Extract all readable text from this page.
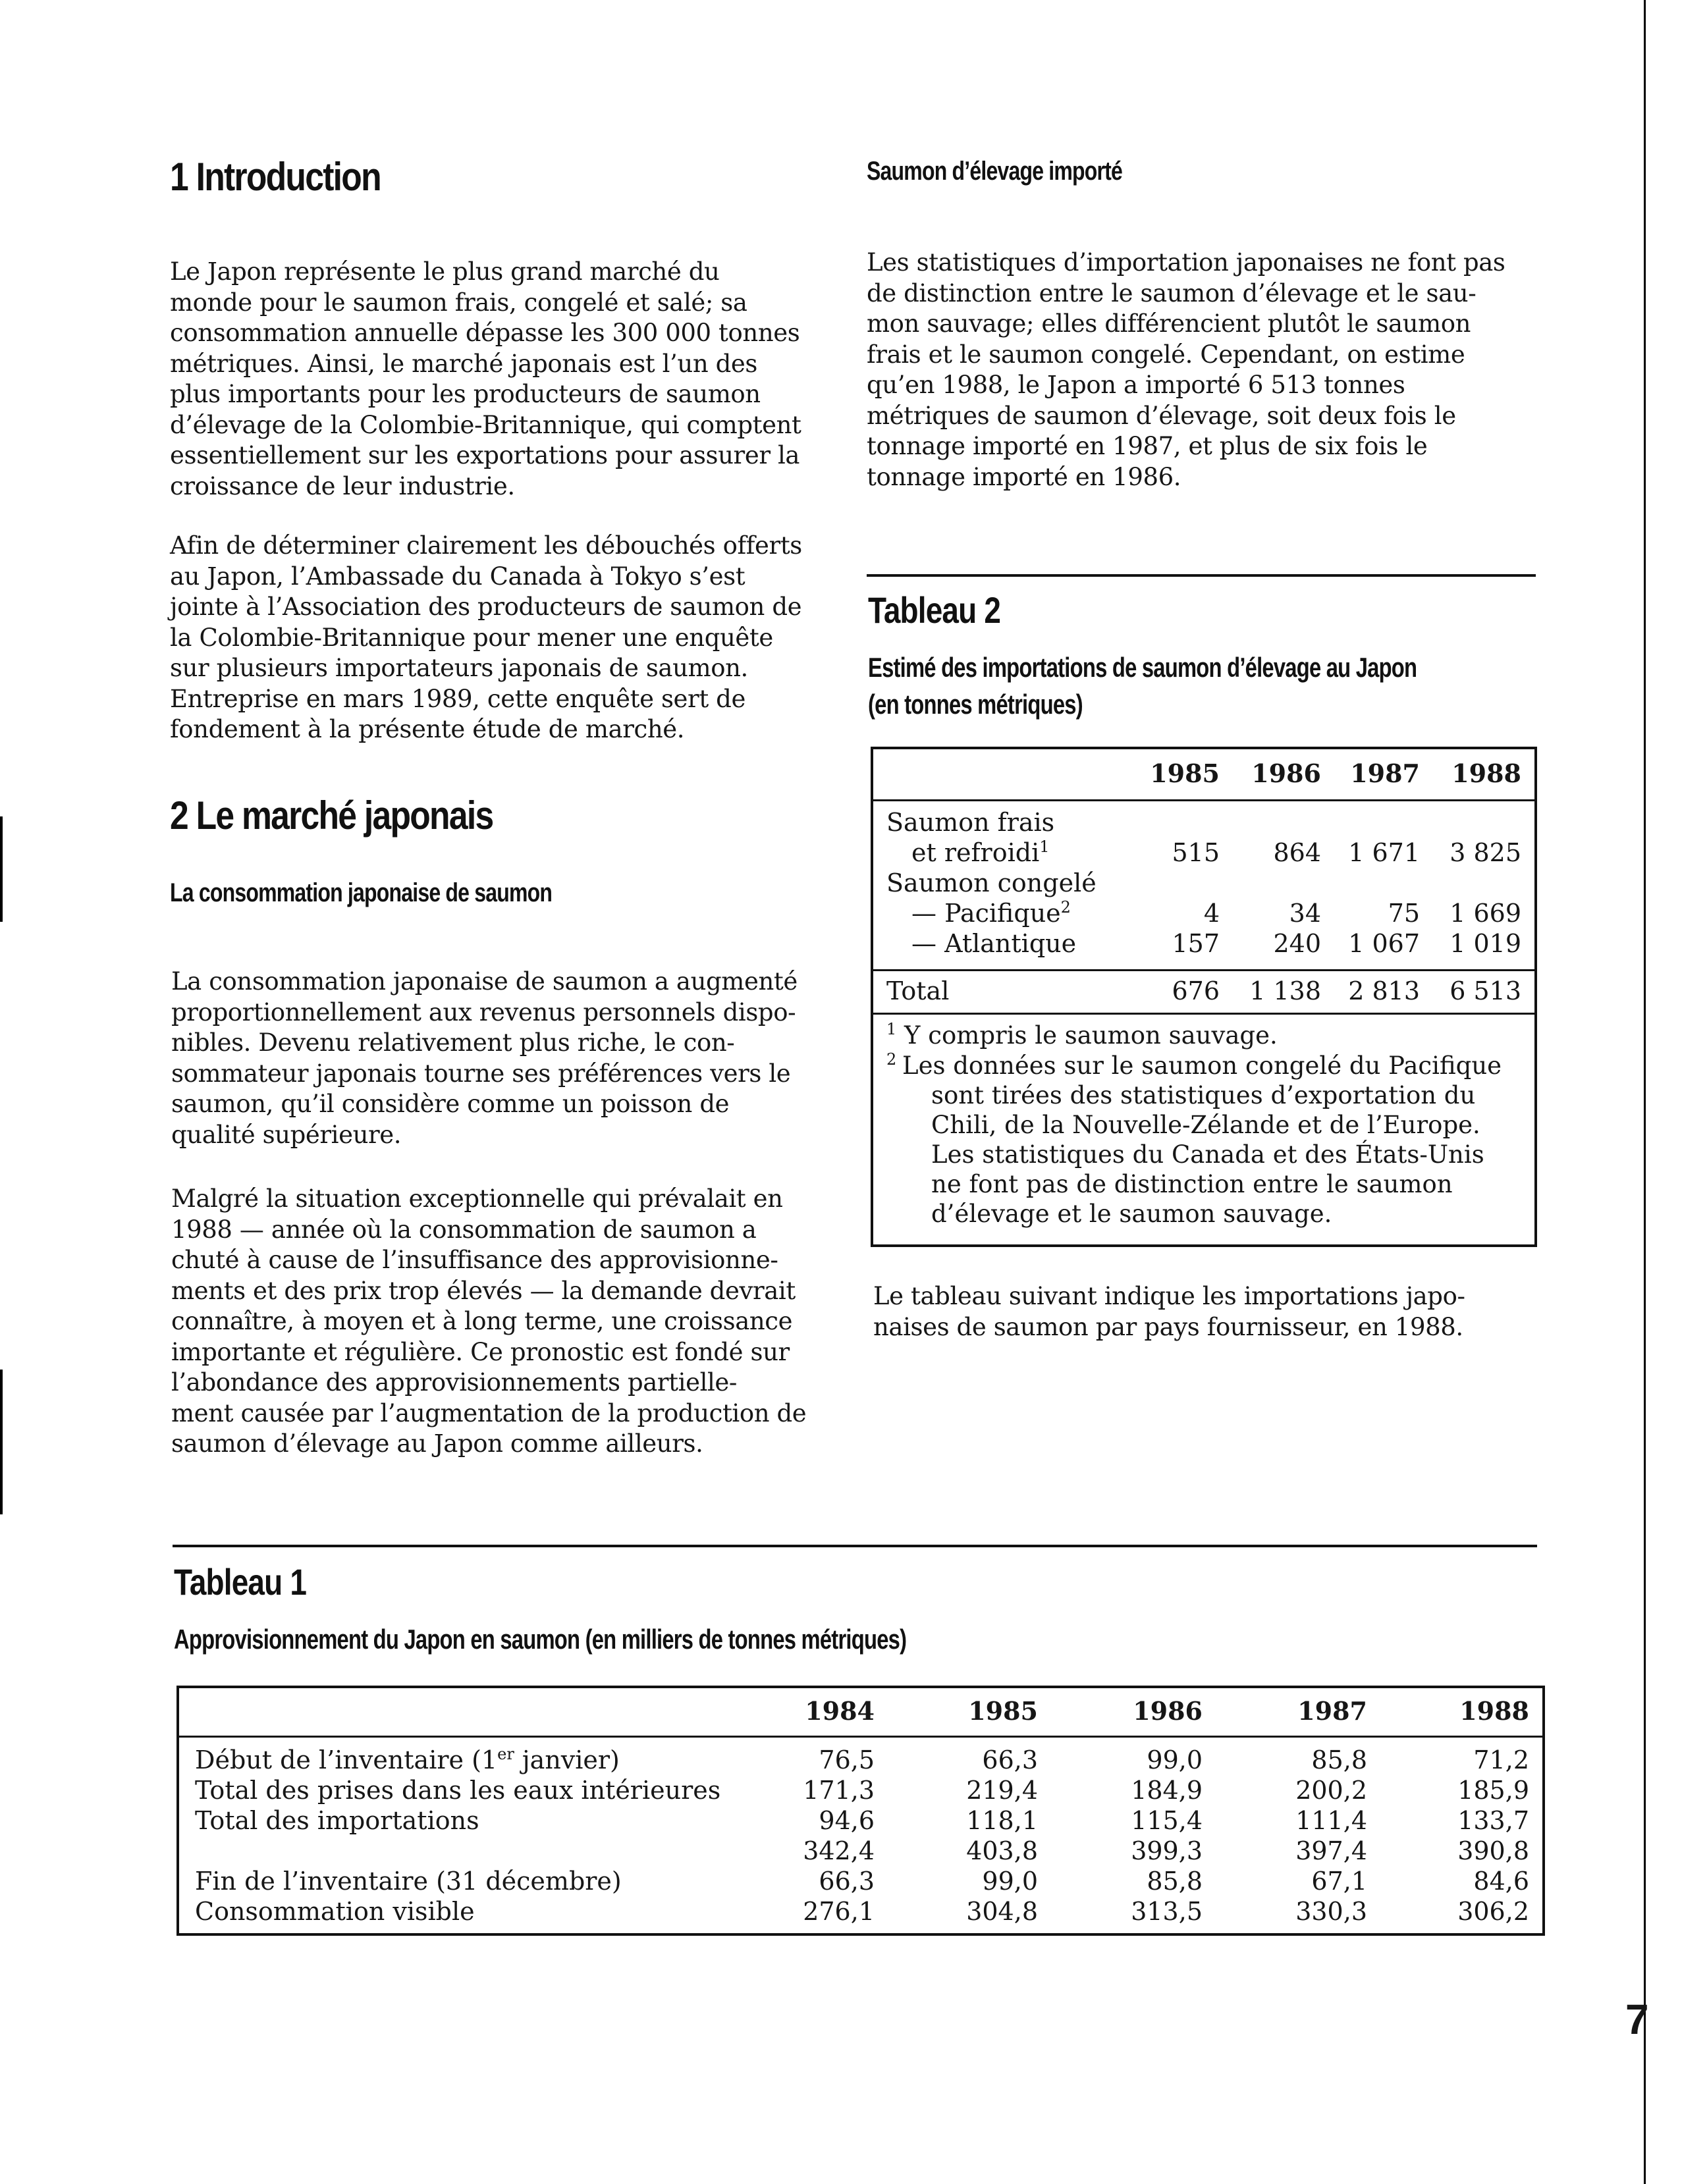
1 Introduction
Le Japon représente le plus grand marché du
monde pour le saumon frais, congelé et salé; sa
consommation annuelle dépasse les 300 000 tonnes
métriques. Ainsi, le marché japonais est l’un des
plus importants pour les producteurs de saumon
d’élevage de la Colombie-Britannique, qui comptent
essentiellement sur les exportations pour assurer la
croissance de leur industrie.
Afin de déterminer clairement les débouchés offerts
au Japon, l’Ambassade du Canada à Tokyo s’est
jointe à l’Association des producteurs de saumon de
la Colombie-Britannique pour mener une enquête
sur plusieurs importateurs japonais de saumon.
Entreprise en mars 1989, cette enquête sert de
fondement à la présente étude de marché.
2 Le marché japonais
La consommation japonaise de saumon
La consommation japonaise de saumon a augmenté
proportionnellement aux revenus personnels dispo-
nibles. Devenu relativement plus riche, le con-
sommateur japonais tourne ses préférences vers le
saumon, qu’il considère comme un poisson de
qualité supérieure.
Malgré la situation exceptionnelle qui prévalait en
1988 — année où la consommation de saumon a
chuté à cause de l’insuffisance des approvisionne-
ments et des prix trop élevés — la demande devrait
connaître, à moyen et à long terme, une croissance
importante et régulière. Ce pronostic est fondé sur
l’abondance des approvisionnements partielle-
ment causée par l’augmentation de la production de
saumon d’élevage au Japon comme ailleurs.
Saumon d’élevage importé
Les statistiques d’importation japonaises ne font pas
de distinction entre le saumon d’élevage et le sau-
mon sauvage; elles différencient plutôt le saumon
frais et le saumon congelé. Cependant, on estime
qu’en 1988, le Japon a importé 6 513 tonnes
métriques de saumon d’élevage, soit deux fois le
tonnage importé en 1987, et plus de six fois le
tonnage importé en 1986.
Tableau 2
Estimé des importations de saumon d’élevage au Japon
(en tonnes métriques)
1985	1986	1987	1988
Saumon frais
et refroidi$^1$	515	864	1 671	3 825
Saumon congelé
— Pacifique$^2$	4	34	75	1 669
— Atlantique	157	240	1 067	1 019
Total	676	1 138	2 813	6 513
$^1$ Y compris le saumon sauvage.
$^2$ Les données sur le saumon congelé du Pacifique
sont tirées des statistiques d’exportation du
Chili, de la Nouvelle-Zélande et de l’Europe.
Les statistiques du Canada et des États-Unis
ne font pas de distinction entre le saumon
d’élevage et le saumon sauvage.
Le tableau suivant indique les importations japo-
naises de saumon par pays fournisseur, en 1988.
Tableau 1
Approvisionnement du Japon en saumon (en milliers de tonnes métriques)
1984	1985	1986	1987	1988
Début de l’inventaire (1er janvier)	76,5	66,3	99,0	85,8	71,2
Total des prises dans les eaux intérieures	171,3	219,4	184,9	200,2	185,9
Total des importations	94,6	118,1	115,4	111,4	133,7
342,4	403,8	399,3	397,4	390,8
Fin de l’inventaire (31 décembre)	66,3	99,0	85,8	67,1	84,6
Consommation visible	276,1	304,8	313,5	330,3	306,2
7
